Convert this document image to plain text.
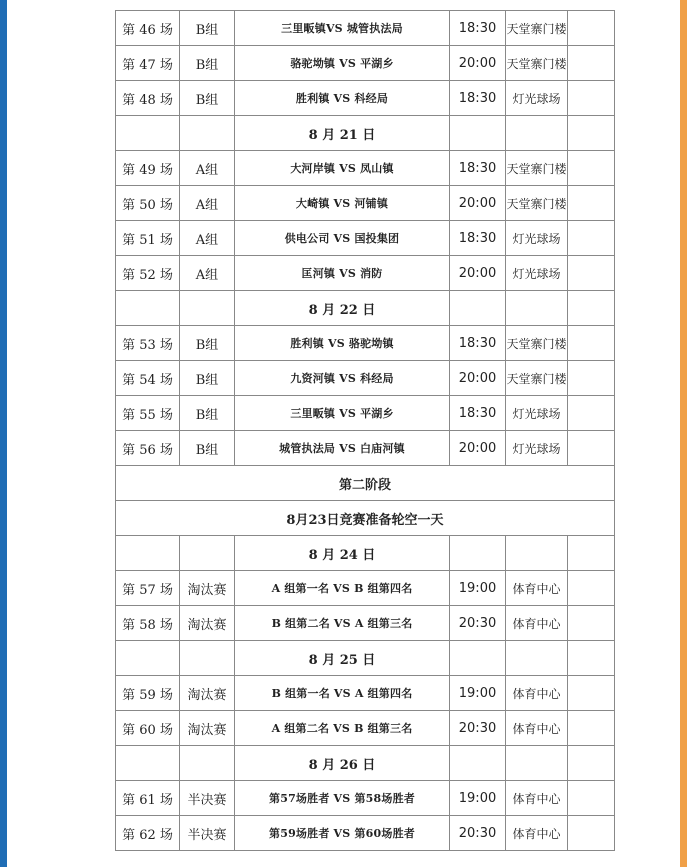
第 46 场	B组	三里畈镇VS 城管执法局	18:30	天堂寨门楼	
第 47 场	B组	骆驼坳镇 VS 平湖乡	20:00	天堂寨门楼	
第 48 场	B组	胜利镇 VS 科经局	18:30	灯光球场	
		8 月 21 日			
第 49 场	A组	大河岸镇 VS 凤山镇	18:30	天堂寨门楼	
第 50 场	A组	大崎镇 VS 河铺镇	20:00	天堂寨门楼	
第 51 场	A组	供电公司 VS 国投集团	18:30	灯光球场	
第 52 场	A组	匡河镇 VS 消防	20:00	灯光球场	
		8 月 22 日			
第 53 场	B组	胜利镇 VS 骆驼坳镇	18:30	天堂寨门楼	
第 54 场	B组	九资河镇 VS 科经局	20:00	天堂寨门楼	
第 55 场	B组	三里畈镇 VS 平湖乡	18:30	灯光球场	
第 56 场	B组	城管执法局 VS 白庙河镇	20:00	灯光球场	
第二阶段					
8月23日竞赛准备轮空一天					
		8 月 24 日			
第 57 场	淘汰赛	A 组第一名 VS B 组第四名	19:00	体育中心	
第 58 场	淘汰赛	B 组第二名 VS A 组第三名	20:30	体育中心	
		8 月 25 日			
第 59 场	淘汰赛	B 组第一名 VS A 组第四名	19:00	体育中心	
第 60 场	淘汰赛	A 组第二名 VS B 组第三名	20:30	体育中心	
		8 月 26 日			
第 61 场	半决赛	第57场胜者 VS 第58场胜者	19:00	体育中心	
第 62 场	半决赛	第59场胜者 VS 第60场胜者	20:30	体育中心	
